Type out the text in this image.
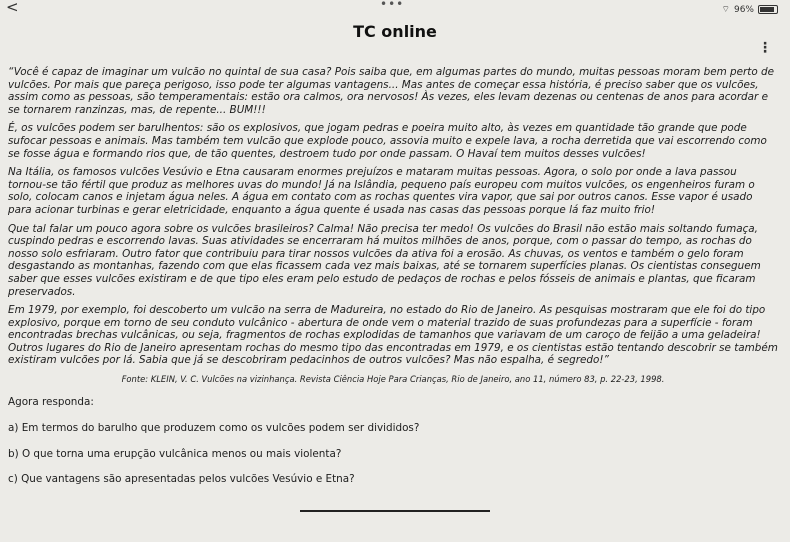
<	•••	⌔ 96%
TC online
⋮

“Você é capaz de imaginar um vulcão no quintal de sua casa? Pois saiba que, em algumas partes do mundo, muitas pessoas moram bem perto de vulcões. Por mais que pareça perigoso, isso pode ter algumas vantagens... Mas antes de começar essa história, é preciso saber que os vulcões, assim como as pessoas, são temperamentais: estão ora calmos, ora nervosos! Às vezes, eles levam dezenas ou centenas de anos para acordar e se tornarem ranzinzas, mas, de repente... BUM!!!

É, os vulcões podem ser barulhentos: são os explosivos, que jogam pedras e poeira muito alto, às vezes em quantidade tão grande que pode sufocar pessoas e animais. Mas também tem vulcão que explode pouco, assovia muito e expele lava, a rocha derretida que vai escorrendo como se fosse água e formando rios que, de tão quentes, destroem tudo por onde passam. O Havaí tem muitos desses vulcões!

Na Itália, os famosos vulcões Vesúvio e Etna causaram enormes prejuízos e mataram muitas pessoas. Agora, o solo por onde a lava passou tornou-se tão fértil que produz as melhores uvas do mundo! Já na Islândia, pequeno país europeu com muitos vulcões, os engenheiros furam o solo, colocam canos e injetam água neles. A água em contato com as rochas quentes vira vapor, que sai por outros canos. Esse vapor é usado para acionar turbinas e gerar eletricidade, enquanto a água quente é usada nas casas das pessoas porque lá faz muito frio!

Que tal falar um pouco agora sobre os vulcões brasileiros? Calma! Não precisa ter medo! Os vulcões do Brasil não estão mais soltando fumaça, cuspindo pedras e escorrendo lavas. Suas atividades se encerraram há muitos milhões de anos, porque, com o passar do tempo, as rochas do nosso solo esfriaram. Outro fator que contribuiu para tirar nossos vulcões da ativa foi a erosão. As chuvas, os ventos e também o gelo foram desgastando as montanhas, fazendo com que elas ficassem cada vez mais baixas, até se tornarem superfícies planas. Os cientistas conseguem saber que esses vulcões existiram e de que tipo eles eram pelo estudo de pedaços de rochas e pelos fósseis de animais e plantas, que ficaram preservados.

Em 1979, por exemplo, foi descoberto um vulcão na serra de Madureira, no estado do Rio de Janeiro. As pesquisas mostraram que ele foi do tipo explosivo, porque em torno de seu conduto vulcânico - abertura de onde vem o material trazido de suas profundezas para a superfície - foram encontradas brechas vulcânicas, ou seja, fragmentos de rochas explodidas de tamanhos que variavam de um caroço de feijão a uma geladeira! Outros lugares do Rio de Janeiro apresentam rochas do mesmo tipo das encontradas em 1979, e os cientistas estão tentando descobrir se também existiram vulcões por lá. Sabia que já se descobriram pedacinhos de outros vulcões? Mas não espalha, é segredo!”

Fonte: KLEIN, V. C. Vulcões na vizinhança. Revista Ciência Hoje Para Crianças, Rio de Janeiro, ano 11, número 83, p. 22-23, 1998.
Agora responda:
a) Em termos do barulho que produzem como os vulcões podem ser divididos?
b) O que torna uma erupção vulcânica menos ou mais violenta?
c) Que vantagens são apresentadas pelos vulcões Vesúvio e Etna?
